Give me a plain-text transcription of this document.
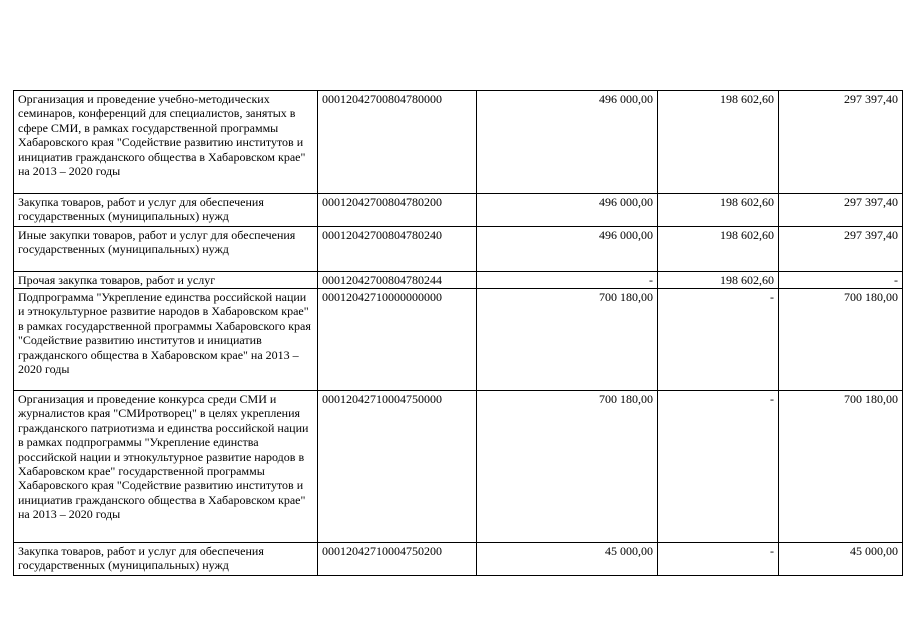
Организация и проведение учебно-методических семинаров, конференций для специалистов, занятых в сфере СМИ, в рамках государственной программы Хабаровского края "Содействие развитию институтов и инициатив гражданского общества в Хабаровском крае" на 2013 – 2020 годы	00012042700804780000	496 000,00	198 602,60	297 397,40
Закупка товаров, работ и услуг для обеспечения государственных (муниципальных) нужд	00012042700804780200	496 000,00	198 602,60	297 397,40
Иные закупки товаров, работ и услуг для обеспечения государственных (муниципальных) нужд	00012042700804780240	496 000,00	198 602,60	297 397,40
Прочая закупка товаров, работ и услуг	00012042700804780244	-	198 602,60	-
Подпрограмма "Укрепление единства российской нации и этнокультурное развитие народов в Хабаровском крае" в рамках государственной программы Хабаровского края "Содействие развитию институтов и инициатив гражданского общества в Хабаровском крае" на 2013 – 2020 годы	00012042710000000000	700 180,00	-	700 180,00
Организация и проведение конкурса среди СМИ и журналистов края "СМИротворец" в целях укрепления гражданского патриотизма и единства российской нации в рамках подпрограммы "Укрепление единства российской нации и этнокультурное развитие народов в Хабаровском крае" государственной программы Хабаровского края "Содействие развитию институтов и инициатив гражданского общества в Хабаровском крае" на 2013 – 2020 годы	00012042710004750000	700 180,00	-	700 180,00
Закупка товаров, работ и услуг для обеспечения государственных (муниципальных) нужд	00012042710004750200	45 000,00	-	45 000,00
